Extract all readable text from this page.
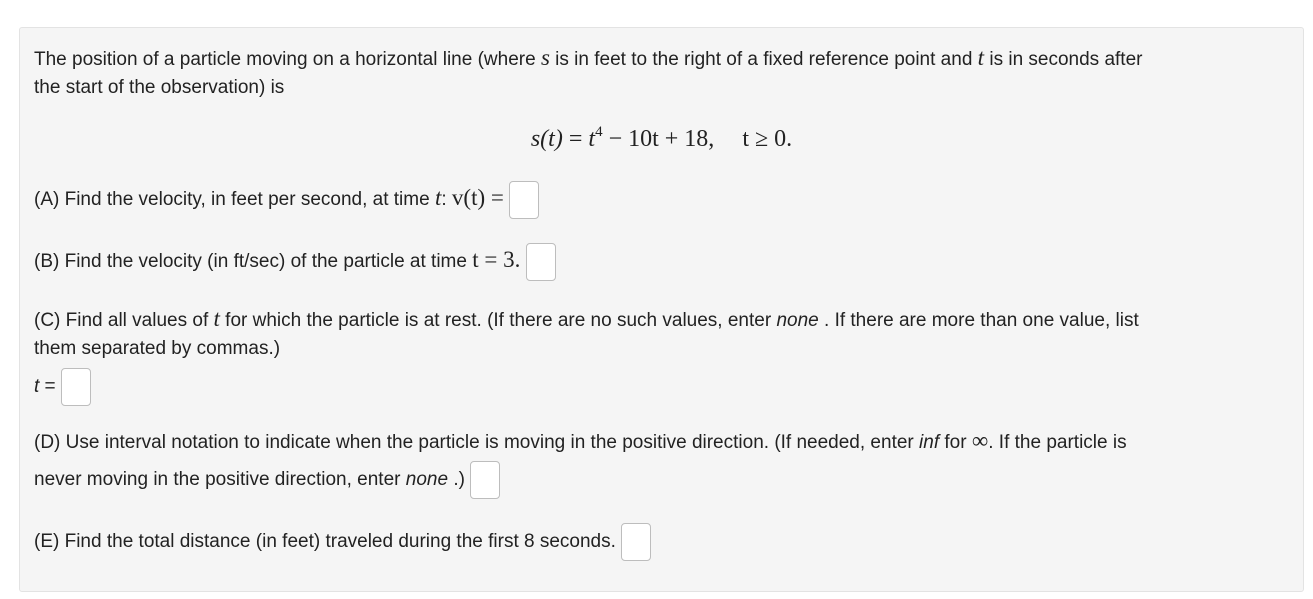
The position of a particle moving on a horizontal line (where s is in feet to the right of a fixed reference point and t is in seconds after
the start of the observation) is
$s(t) = t^4 - 10t + 18$, t ≥ 0.
(A) Find the velocity, in feet per second, at time t: v(t) =
(B) Find the velocity (in ft/sec) of the particle at time t = 3.
(C) Find all values of t for which the particle is at rest. (If there are no such values, enter none . If there are more than one value, list
them separated by commas.)
t =
(D) Use interval notation to indicate when the particle is moving in the positive direction. (If needed, enter inf for ∞. If the particle is
never moving in the positive direction, enter none .)
(E) Find the total distance (in feet) traveled during the first 8 seconds.
